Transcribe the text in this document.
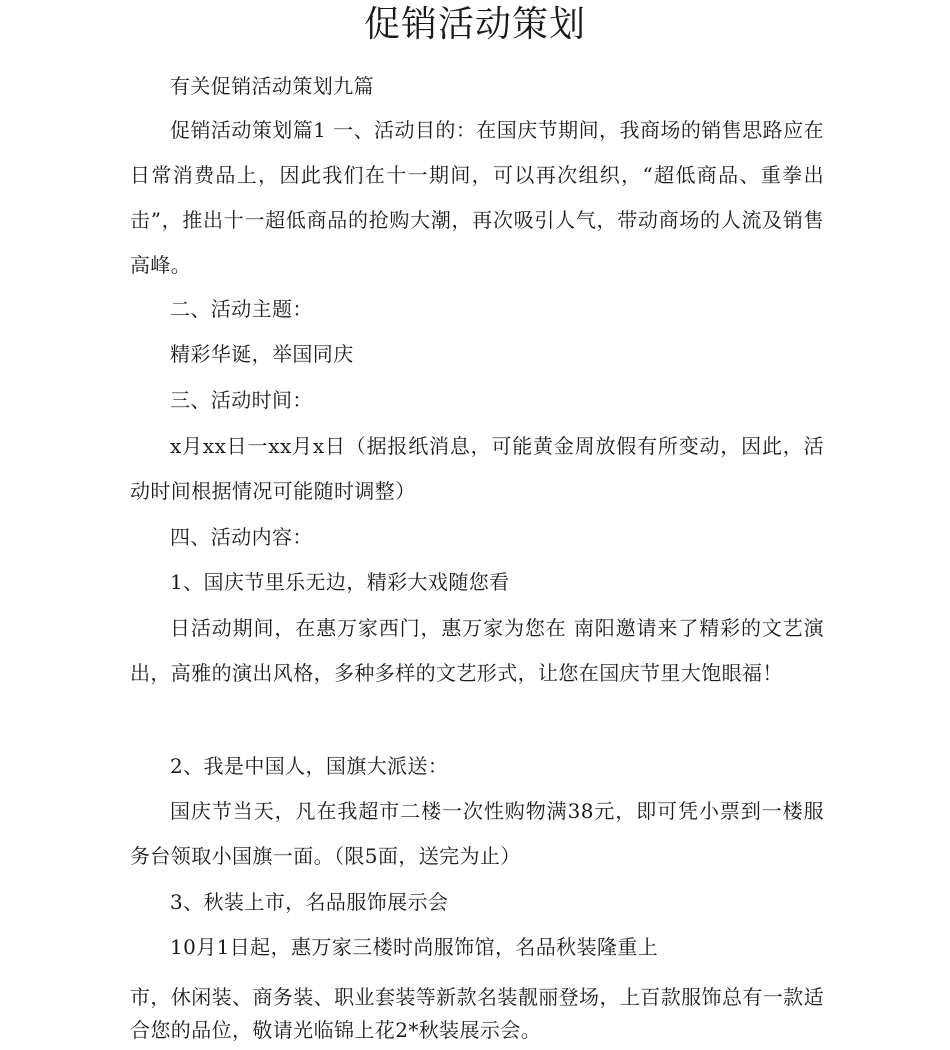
促销活动策划

有关促销活动策划九篇

促销活动策划篇1 一、活动目的：在国庆节期间，我商场的销售思路应在日常消费品上，因此我们在十一期间，可以再次组织，“超低商品、重拳出击”，推出十一超低商品的抢购大潮，再次吸引人气，带动商场的人流及销售高峰。

二、活动主题：

精彩华诞，举国同庆

三、活动时间：

x月xx日一xx月x日（据报纸消息，可能黄金周放假有所变动，因此，活动时间根据情况可能随时调整）

四、活动内容：

1、国庆节里乐无边，精彩大戏随您看

日活动期间，在惠万家西门，惠万家为您在 南阳邀请来了精彩的文艺演出，高雅的演出风格，多种多样的文艺形式，让您在国庆节里大饱眼福！

2、我是中国人，国旗大派送：

国庆节当天，凡在我超市二楼一次性购物满38元，即可凭小票到一楼服务台领取小国旗一面。（限5面，送完为止）

3、秋装上市，名品服饰展示会

10月1日起，惠万家三楼时尚服饰馆，名品秋装隆重上

市，休闲装、商务装、职业套装等新款名装靓丽登场，上百款服饰总有一款适合您的品位，敬请光临锦上花2*秋装展示会。
